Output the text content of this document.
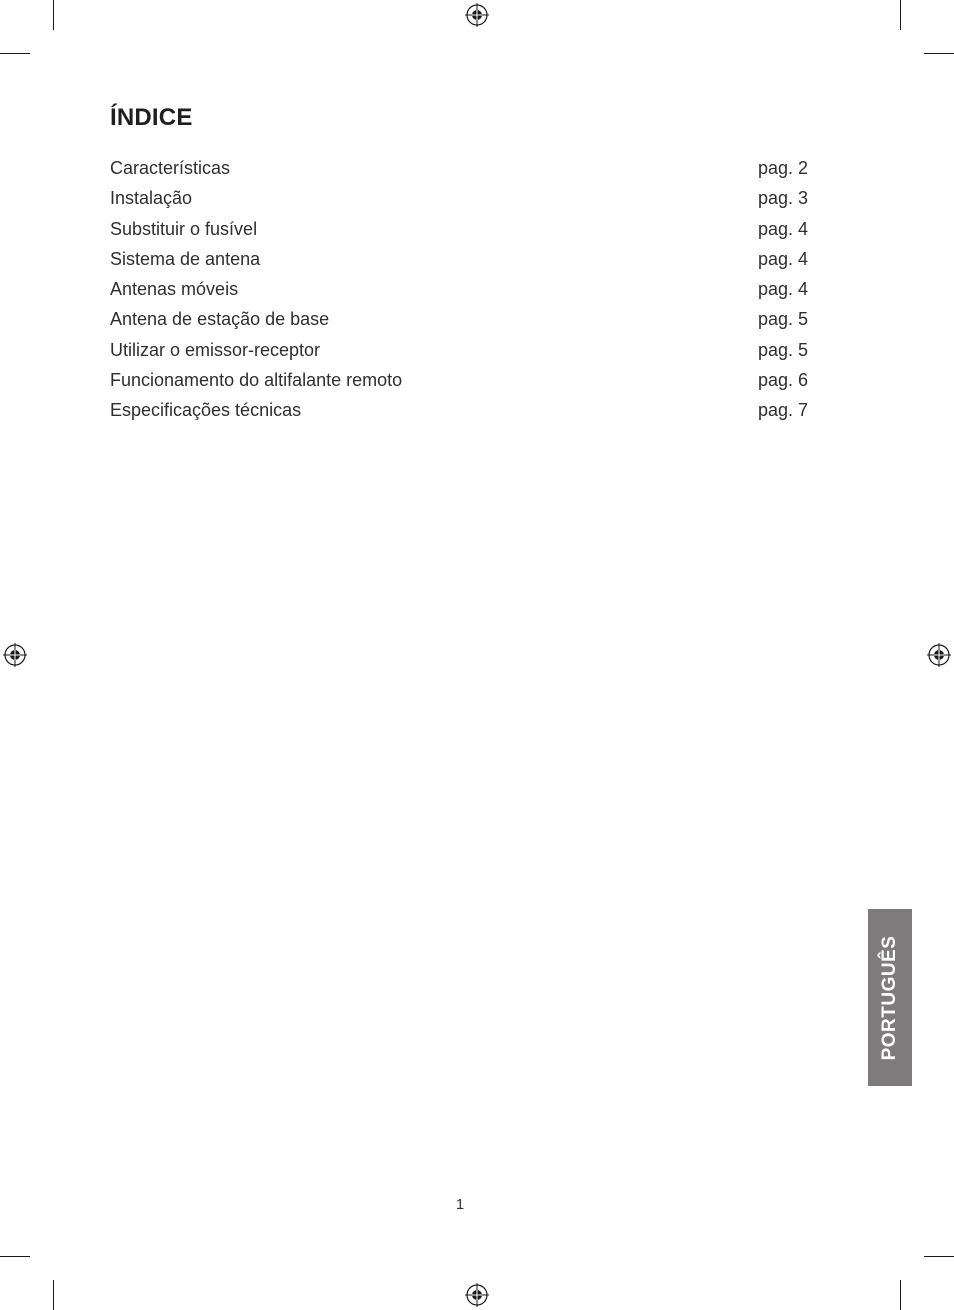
ÍNDICE
Características	pag. 2
Instalação	pag. 3
Substituir o fusível	pag. 4
Sistema de antena	pag. 4
Antenas móveis	pag. 4
Antena de estação de base	pag. 5
Utilizar o emissor-receptor	pag. 5
Funcionamento do altifalante remoto	pag. 6
Especificações técnicas	pag. 7
PORTUGUÊS
1
